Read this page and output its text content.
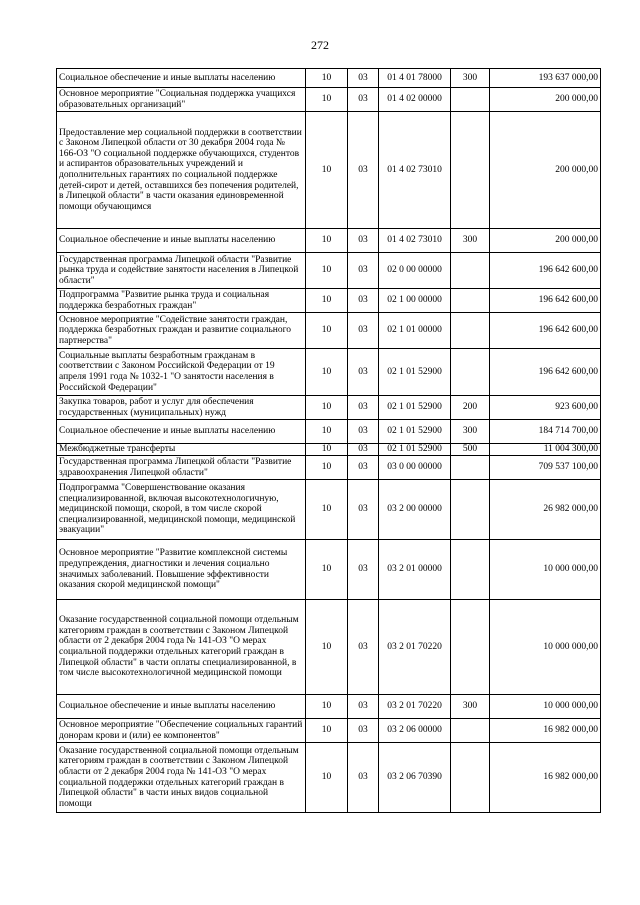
272
Социальное обеспечение и иные выплаты населению	10	03	01 4 01 78000	300	193 637 000,00
Основное мероприятие "Социальная поддержка учащихся образовательных организаций"	10	03	01 4 02 00000		200 000,00
Предоставление мер социальной поддержки в соответствии с Законом Липецкой области от 30 декабря 2004 года № 166-ОЗ "О социальной поддержке обучающихся, студентов и аспирантов образовательных учреждений и дополнительных гарантиях по социальной поддержке детей-сирот и детей, оставшихся без попечения родителей, в Липецкой области" в части оказания единовременной помощи обучающимся	10	03	01 4 02 73010		200 000,00
Социальное обеспечение и иные выплаты населению	10	03	01 4 02 73010	300	200 000,00
Государственная программа Липецкой области "Развитие рынка труда и содействие занятости населения в Липецкой области"	10	03	02 0 00 00000		196 642 600,00
Подпрограмма "Развитие рынка труда и социальная поддержка безработных граждан"	10	03	02 1 00 00000		196 642 600,00
Основное мероприятие "Содействие занятости граждан, поддержка безработных граждан и развитие социального партнерства"	10	03	02 1 01 00000		196 642 600,00
Социальные выплаты безработным гражданам в соответствии с Законом Российской Федерации от 19 апреля 1991 года № 1032-1 "О занятости населения в Российской Федерации"	10	03	02 1 01 52900		196 642 600,00
Закупка товаров, работ и услуг для обеспечения государственных (муниципальных) нужд	10	03	02 1 01 52900	200	923 600,00
Социальное обеспечение и иные выплаты населению	10	03	02 1 01 52900	300	184 714 700,00
Межбюджетные трансферты	10	03	02 1 01 52900	500	11 004 300,00
Государственная программа Липецкой области "Развитие здравоохранения Липецкой области"	10	03	03 0 00 00000		709 537 100,00
Подпрограмма "Совершенствование оказания специализированной, включая высокотехнологичную, медицинской помощи, скорой, в том числе скорой специализированной, медицинской помощи, медицинской эвакуации"	10	03	03 2 00 00000		26 982 000,00
Основное мероприятие "Развитие комплексной системы предупреждения, диагностики и лечения социально значимых заболеваний. Повышение эффективности оказания скорой медицинской помощи"	10	03	03 2 01 00000		10 000 000,00
Оказание государственной социальной помощи отдельным категориям граждан в соответствии с Законом Липецкой области от 2 декабря 2004 года № 141-ОЗ "О мерах социальной поддержки отдельных категорий граждан в Липецкой области" в части оплаты специализированной, в том числе высокотехнологичной медицинской помощи	10	03	03 2 01 70220		10 000 000,00
Социальное обеспечение и иные выплаты населению	10	03	03 2 01 70220	300	10 000 000,00
Основное мероприятие "Обеспечение социальных гарантий донорам крови и (или) ее компонентов"	10	03	03 2 06 00000		16 982 000,00
Оказание государственной социальной помощи отдельным категориям граждан в соответствии с Законом Липецкой области от 2 декабря 2004 года № 141-ОЗ "О мерах социальной поддержки отдельных категорий граждан в Липецкой области" в части иных видов социальной помощи	10	03	03 2 06 70390		16 982 000,00
